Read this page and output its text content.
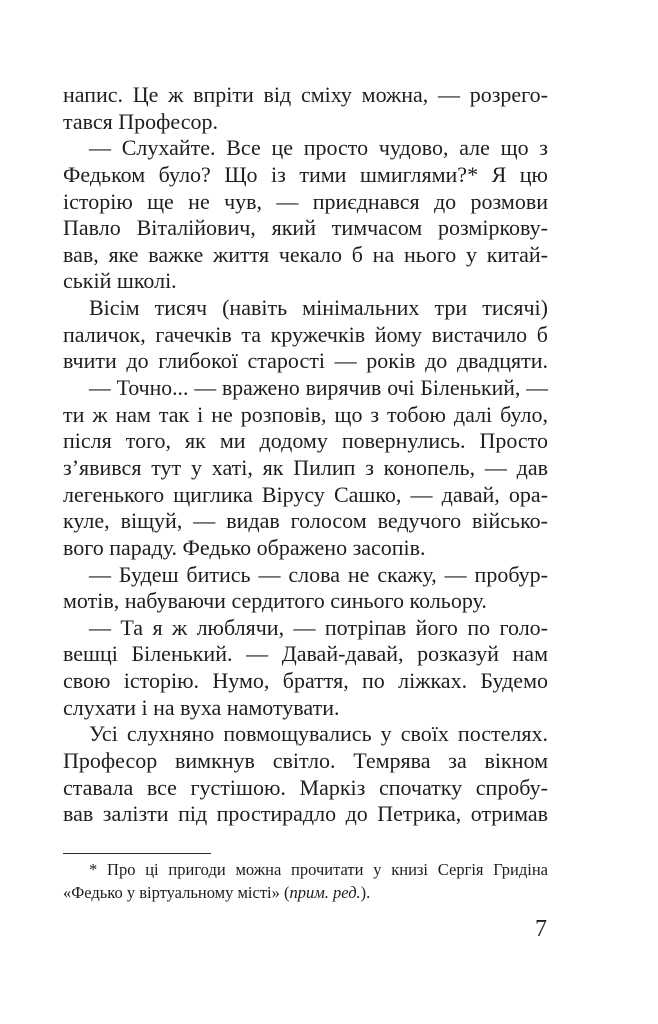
напис. Це ж впріти від сміху можна, — розрего-
тався Професор.
— Слухайте. Все це просто чудово, але що з
Федьком було? Що із тими шмиглями?* Я цю
історію ще не чув, — приєднався до розмови
Павло Віталійович, який тимчасом розміркову-
вав, яке важке життя чекало б на нього у китай-
ській школі.
Вісім тисяч (навіть мінімальних три тисячі)
паличок, гачечків та кружечків йому вистачило б
вчити до глибокої старості — років до двадцяти.
— Точно... — вражено вирячив очі Біленький, —
ти ж нам так і не розповів, що з тобою далі було,
після того, як ми додому повернулись. Просто
з’явився тут у хаті, як Пилип з конопель, — дав
легенького щиглика Вірусу Сашко, — давай, ора-
куле, віщуй, — видав голосом ведучого військо-
вого параду. Федько ображено засопів.
— Будеш битись — слова не скажу, — пробур-
мотів, набуваючи сердитого синього кольору.
— Та я ж люблячи, — потріпав його по голо-
вешці Біленький. — Давай-давай, розказуй нам
свою історію. Нумо, браття, по ліжках. Будемо
слухати і на вуха намотувати.
Усі слухняно повмощувались у своїх постелях.
Професор вимкнув світло. Темрява за вікном
ставала все густішою. Маркіз спочатку спробу-
вав залізти під простирадло до Петрика, отримав
* Про ці пригоди можна прочитати у книзі Сергія Гридіна
«Федько у віртуальному місті» (прим. ред.).
7
